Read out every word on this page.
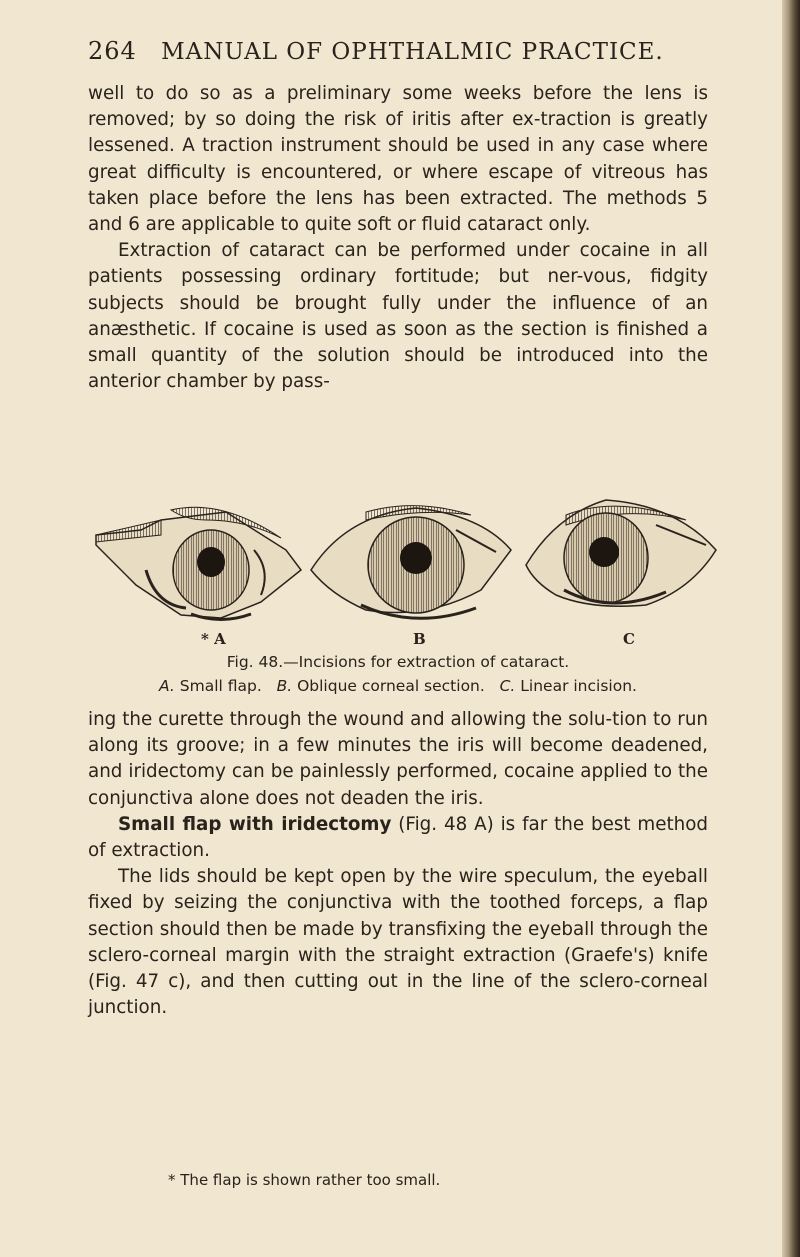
264 MANUAL OF OPHTHALMIC PRACTICE.

well to do so as a preliminary some weeks before the lens is removed; by so doing the risk of iritis after ex-traction is greatly lessened. A traction instrument should be used in any case where great difficulty is encountered, or where escape of vitreous has taken place before the lens has been extracted. The methods 5 and 6 are applicable to quite soft or fluid cataract only.

Extraction of cataract can be performed under cocaine in all patients possessing ordinary fortitude; but ner-vous, fidgity subjects should be brought fully under the influence of an anæsthetic. If cocaine is used as soon as the section is finished a small quantity of the solution should be introduced into the anterior chamber by pass-

* A	B	C
Fig. 48.—Incisions for extraction of cataract.
A. Small flap. B. Oblique corneal section. C. Linear incision.

ing the curette through the wound and allowing the solu-tion to run along its groove; in a few minutes the iris will become deadened, and iridectomy can be painlessly performed, cocaine applied to the conjunctiva alone does not deaden the iris.

Small flap with iridectomy (Fig. 48 A) is far the best method of extraction.

The lids should be kept open by the wire speculum, the eyeball fixed by seizing the conjunctiva with the toothed forceps, a flap section should then be made by transfixing the eyeball through the sclero-corneal margin with the straight extraction (Graefe's) knife (Fig. 47 c), and then cutting out in the line of the sclero-corneal junction.

* The flap is shown rather too small.
